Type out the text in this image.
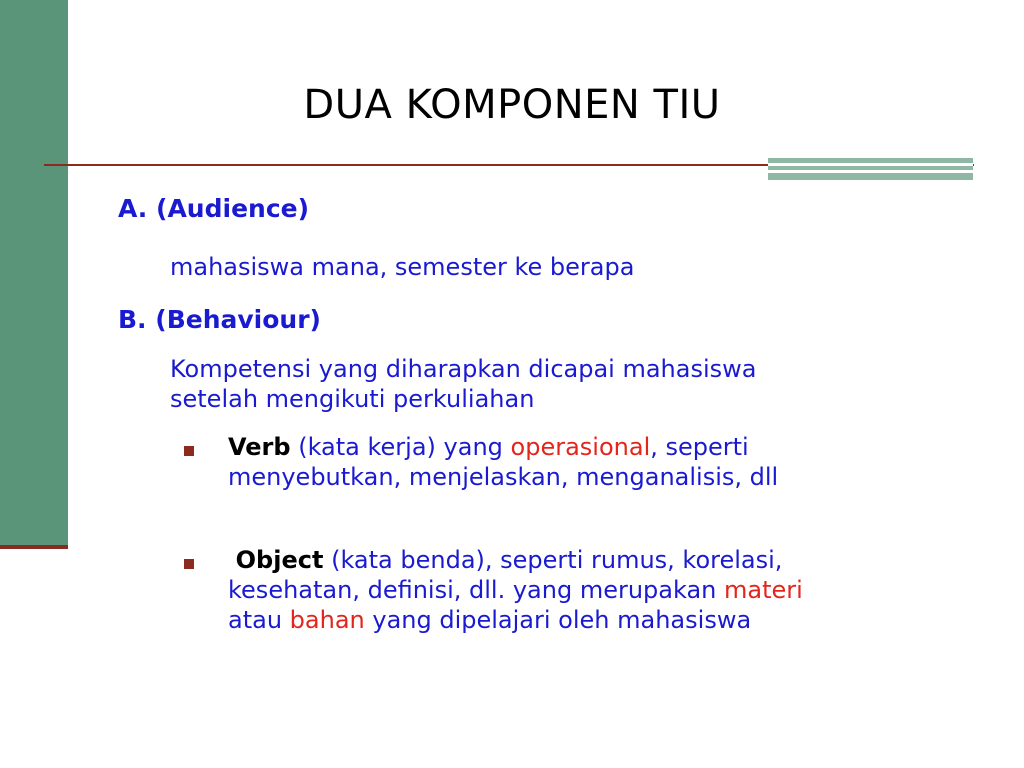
DUA KOMPONEN TIU
A. (Audience)
mahasiswa mana, semester ke berapa
B. (Behaviour)
Kompetensi yang diharapkan dicapai mahasiswa setelah mengikuti perkuliahan
Verb (kata kerja) yang operasional, seperti menyebutkan, menjelaskan, menganalisis, dll
Object (kata benda), seperti rumus, korelasi, kesehatan, definisi, dll. yang merupakan materi atau bahan yang dipelajari oleh mahasiswa
